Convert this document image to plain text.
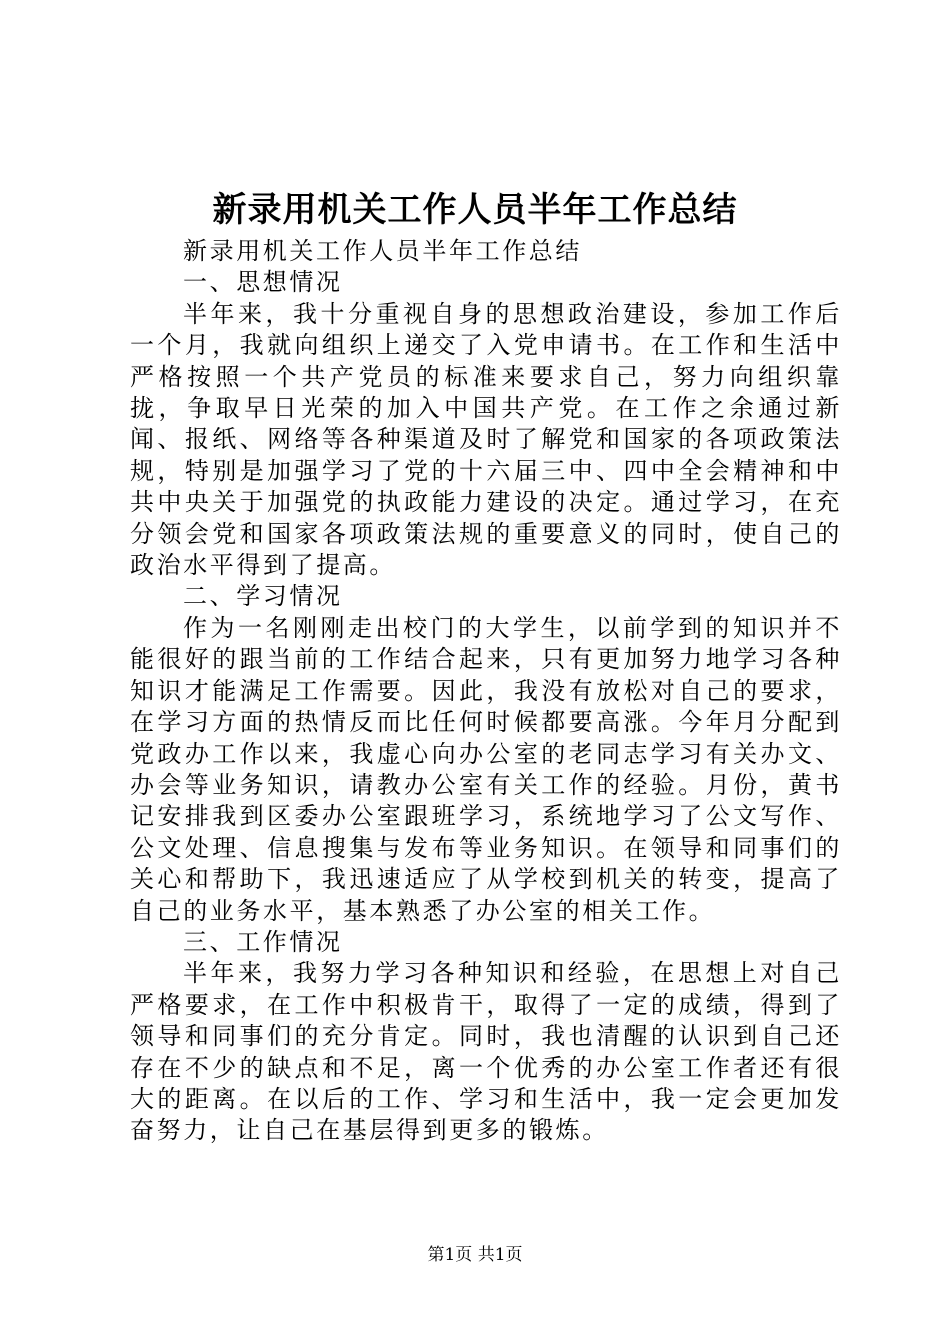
新录用机关工作人员半年工作总结
新录用机关工作人员半年工作总结
一、思想情况

半年来，我十分重视自身的思想政治建设，参加工作后一个月，我就向组织上递交了入党申请书。在工作和生活中严格按照一个共产党员的标准来要求自己，努力向组织靠拢，争取早日光荣的加入中国共产党。在工作之余通过新闻、报纸、网络等各种渠道及时了解党和国家的各项政策法规，特别是加强学习了党的十六届三中、四中全会精神和中共中央关于加强党的执政能力建设的决定。通过学习，在充分领会党和国家各项政策法规的重要意义的同时，使自己的政治水平得到了提高。

二、学习情况

作为一名刚刚走出校门的大学生，以前学到的知识并不能很好的跟当前的工作结合起来，只有更加努力地学习各种知识才能满足工作需要。因此，我没有放松对自己的要求，在学习方面的热情反而比任何时候都要高涨。今年月分配到党政办工作以来，我虚心向办公室的老同志学习有关办文、办会等业务知识，请教办公室有关工作的经验。月份，黄书记安排我到区委办公室跟班学习，系统地学习了公文写作、公文处理、信息搜集与发布等业务知识。在领导和同事们的关心和帮助下，我迅速适应了从学校到机关的转变，提高了自己的业务水平，基本熟悉了办公室的相关工作。

三、工作情况

半年来，我努力学习各种知识和经验，在思想上对自己严格要求，在工作中积极肯干，取得了一定的成绩，得到了领导和同事们的充分肯定。同时，我也清醒的认识到自己还存在不少的缺点和不足，离一个优秀的办公室工作者还有很大的距离。在以后的工作、学习和生活中，我一定会更加发奋努力，让自己在基层得到更多的锻炼。

第1页 共1页
